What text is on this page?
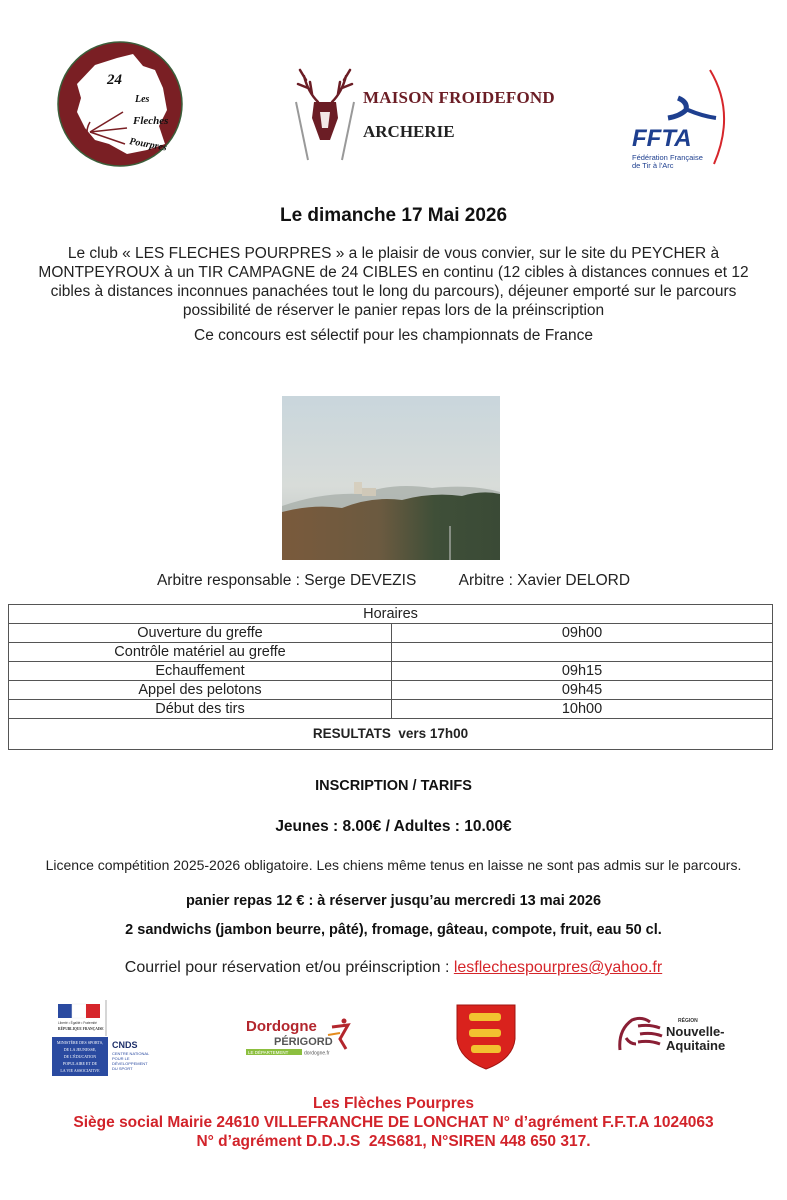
24
Les
Fleches
Pourpres
MAISON FROIDEFOND
ARCHERIE	FFTA
Fédération Française
de Tir à l'Arc
Le dimanche 17 Mai 2026
Le club « LES FLECHES POURPRES » a le plaisir de vous convier, sur le site du PEYCHER à
MONTPEYROUX à un TIR CAMPAGNE de 24 CIBLES en continu (12 cibles à distances connues et 12
cibles à distances inconnues panachées tout le long du parcours), déjeuner emporté sur le parcours
possibilité de réserver le panier repas lors de la préinscription
Ce concours est sélectif pour les championnats de France
Arbitre responsable : Serge DEVEZIS	Arbitre : Xavier DELORD
Horaires	
Ouverture du greffe	09h00
Contrôle matériel au greffe	
Echauffement	09h15
Appel des pelotons	09h45
Début des tirs	10h00
RESULTATS  vers 17h00	
INSCRIPTION / TARIFS
Jeunes : 8.00€ / Adultes : 10.00€
Licence compétition 2025-2026 obligatoire. Les chiens même tenus en laisse ne sont pas admis sur le parcours.
panier repas 12 € : à réserver jusqu’au mercredi 13 mai 2026
2 sandwichs (jambon beurre, pâté), fromage, gâteau, compote, fruit, eau 50 cl.
Courriel pour réservation et/ou préinscription : lesflechespourpres@yahoo.fr
Liberté • Égalité • Fraternité
RÉPUBLIQUE FRANÇAISE
MINISTÈRE DES SPORTS,
DE LA JEUNESSE,
DE L'ÉDUCATION
POPULAIRE ET DE
LA VIE ASSOCIATIVE
CNDS
CENTRE NATIONAL
POUR LE
DÉVELOPPEMENT
DU SPORT
Dordogne
PÉRIGORD
LE DÉPARTEMENT	dordogne.fr
RÉGION
Nouvelle-
Aquitaine
Les Flèches Pourpres
Siège social Mairie 24610 VILLEFRANCHE DE LONCHAT N° d’agrément F.F.T.A 1024063
N° d’agrément D.D.J.S  24S681, N°SIREN 448 650 317.
